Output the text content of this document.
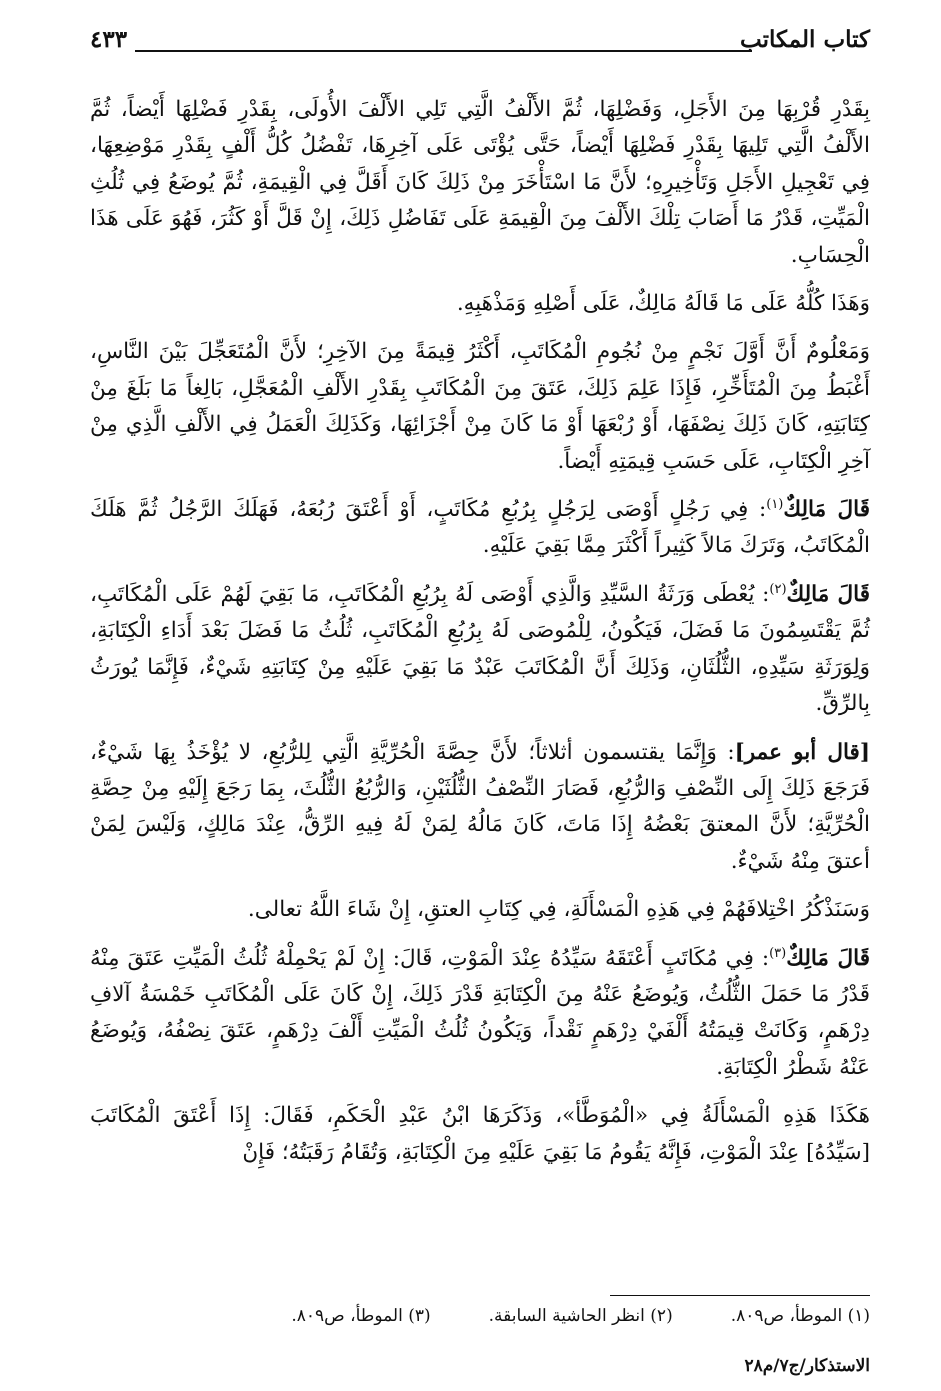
كتاب المكاتب
٤٣٣

بِقَدْرِ قُرْبِهَا مِنَ الأَجَلِ، وَفَضْلِهَا، ثُمَّ الأَلْفُ الَّتِي تَلِي الأَلْفَ الأُولَى، بِقَدْرِ فَضْلِهَا أَيْضاً، ثُمَّ الأَلْفُ الَّتِي تَلِيهَا بِقَدْرِ فَضْلِهَا أَيْضاً، حَتَّى يُؤْتَى عَلَى آخِرِهَا، تَفْضُلُ كُلُّ أَلْفٍ بِقَدْرِ مَوْضِعِهَا، فِي تَعْجِيلِ الأَجَلِ وَتَأْخِيرِهِ؛ لأَنَّ مَا اسْتَأْخَرَ مِنْ ذَلِكَ كَانَ أَقَلَّ فِي الْقِيمَةِ، ثُمَّ يُوضَعُ فِي ثُلُثِ الْمَيِّتِ، قَدْرُ مَا أَصَابَ تِلْكَ الأَلْفَ مِنَ الْقِيمَةِ عَلَى تَفَاضُلِ ذَلِكَ، إِنْ قَلَّ أَوْ كَثُرَ، فَهُوَ عَلَى هَذَا الْحِسَابِ.

وَهَذَا كُلُّهُ عَلَى مَا قَالَهُ مَالِكٌ، عَلَى أَصْلِهِ وَمَذْهَبِهِ.

وَمَعْلُومٌ أَنَّ أَوَّلَ نَجْمٍ مِنْ نُجُومِ الْمُكَاتَبِ، أَكْثَرُ قِيمَةً مِنَ الآخِرِ؛ لأَنَّ الْمُتَعَجِّلَ بَيْنَ النَّاسِ، أَغْبَطُ مِنَ الْمُتَأَخِّرِ، فَإِذَا عَلِمَ ذَلِكَ، عَتَقَ مِنَ الْمُكَاتَبِ بِقَدْرِ الأَلْفِ الْمُعَجَّلِ، بَالِغاً مَا بَلَغَ مِنْ كِتَابَتِهِ، كَانَ ذَلِكَ نِصْفَهَا، أَوْ رُبْعَهَا أَوْ مَا كَانَ مِنْ أَجْزَائِهَا، وَكَذَلِكَ الْعَمَلُ فِي الأَلْفِ الَّذِي مِنْ آخِرِ الْكِتَابِ، عَلَى حَسَبِ قِيمَتِهِ أَيْضاً.

قَالَ مَالِكٌ$^{(١)}$: فِي رَجُلٍ أَوْصَى لِرَجُلٍ بِرُبُعِ مُكَاتَبٍ، أَوْ أَعْتَقَ رُبُعَهُ، فَهَلَكَ الرَّجُلُ ثُمَّ هَلَكَ الْمُكَاتَبُ، وَتَرَكَ مَالاً كَثِيراً أَكْثَرَ مِمَّا بَقِيَ عَلَيْهِ.

قَالَ مَالِكٌ$^{(٢)}$: يُعْطَى وَرَثَةُ السَّيِّدِ وَالَّذِي أَوْصَى لَهُ بِرُبُعِ الْمُكَاتَبِ، مَا بَقِيَ لَهُمْ عَلَى الْمُكَاتَبِ، ثُمَّ يَقْتَسِمُونَ مَا فَضَلَ، فَيَكُونُ، لِلْمُوصَى لَهُ بِرُبُعِ الْمُكَاتَبِ، ثُلُثُ مَا فَضَلَ بَعْدَ أَدَاءِ الْكِتَابَةِ، وَلِوَرَثَةِ سَيِّدِهِ، الثُّلُثَانِ، وَذَلِكَ أَنَّ الْمُكَاتَبَ عَبْدٌ مَا بَقِيَ عَلَيْهِ مِنْ كِتَابَتِهِ شَيْءٌ، فَإِنَّمَا يُورَثُ بِالرِّقِّ.

[قال أبو عمر]: وَإِنَّمَا يقتسمون أثلاثاً؛ لأَنَّ حِصَّةَ الْحُرِّيَّةِ الَّتِي لِلرُّبُعِ، لا يُؤْخَذُ بِهَا شَيْءٌ، فَرَجَعَ ذَلِكَ إِلَى النِّصْفِ وَالرُّبُعِ، فَصَارَ النِّصْفُ الثُّلُثَيْنِ، وَالرُّبُعُ الثُّلُثَ، بِمَا رَجَعَ إِلَيْهِ مِنْ حِصَّةِ الْحُرِّيَّةِ؛ لأَنَّ المعتقَ بَعْضُهُ إِذَا مَاتَ، كَانَ مَالُهُ لِمَنْ لَهُ فِيهِ الرِّقُّ، عِنْدَ مَالِكٍ، وَلَيْسَ لِمَنْ أعتقَ مِنْهُ شَيْءٌ.

وَسَنَذْكُرُ اخْتِلافَهُمْ فِي هَذِهِ الْمَسْأَلَةِ، فِي كِتَابِ العتقِ، إِنْ شَاءَ اللَّهُ تعالى.

قَالَ مَالِكٌ$^{(٣)}$: فِي مُكَاتَبٍ أَعْتَقَهُ سَيِّدُهُ عِنْدَ الْمَوْتِ، قَالَ: إِنْ لَمْ يَحْمِلْهُ ثُلُثُ الْمَيِّتِ عَتَقَ مِنْهُ قَدْرُ مَا حَمَلَ الثُّلُثُ، وَيُوضَعُ عَنْهُ مِنَ الْكِتَابَةِ قَدْرَ ذَلِكَ، إِنْ كَانَ عَلَى الْمُكَاتَبِ خَمْسَةُ آلافِ دِرْهَمٍ، وَكَانَتْ قِيمَتُهُ أَلْفَيْ دِرْهَمٍ نَقْداً، وَيَكُونُ ثُلُثُ الْمَيِّتِ أَلْفَ دِرْهَمٍ، عَتَقَ نِصْفُهُ، وَيُوضَعُ عَنْهُ شَطْرُ الْكِتَابَةِ.

هَكَذَا هَذِهِ الْمَسْأَلَةُ فِي «الْمُوَطَّأ»، وَذَكَرَهَا ابْنُ عَبْدِ الْحَكَمِ، فَقَالَ: إِذَا أَعْتَقَ الْمُكَاتَبَ [سَيِّدُهُ] عِنْدَ الْمَوْتِ، فَإِنَّهُ يَقُومُ مَا بَقِيَ عَلَيْهِ مِنَ الْكِتَابَةِ، وَتُقَامُ رَقَبَتُهُ؛ فَإِنْ

(١) الموطأ، ص٨٠٩.
(٢) انظر الحاشية السابقة.
(٣) الموطأ، ص٨٠٩.
الاستذكار/ج٧/م٢٨
